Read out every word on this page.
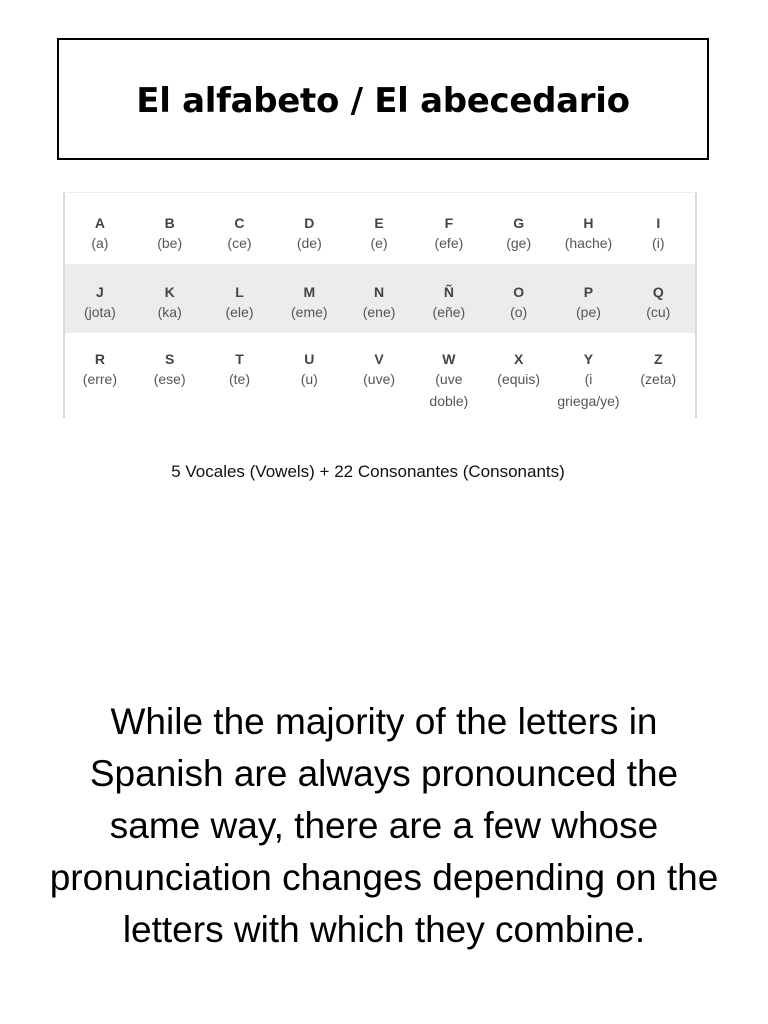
El alfabeto / El abecedario
A
(a)
B
(be)
C
(ce)
D
(de)
E
(e)
F
(efe)
G
(ge)
H
(hache)
I
(i)
J
(jota)
K
(ka)
L
(ele)
M
(eme)
N
(ene)
Ñ
(eñe)
O
(o)
P
(pe)
Q
(cu)
R
(erre)
S
(ese)
T
(te)
U
(u)
V
(uve)
W
(uve
doble)
X
(equis)
Y
(i
griega/ye)
Z
(zeta)
5 Vocales (Vowels) + 22 Consonantes (Consonants)
While the majority of the letters in Spanish are always pronounced the same way, there are a few whose pronunciation changes depending on the letters with which they combine.
